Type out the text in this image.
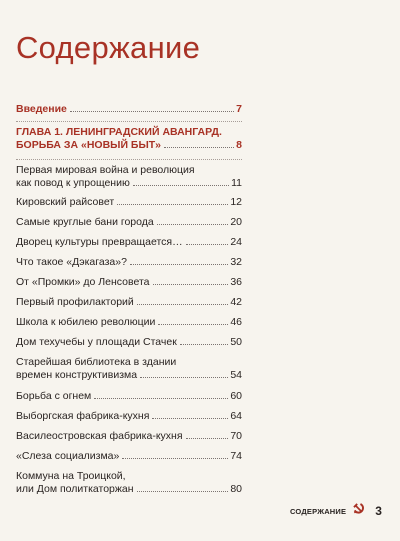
Содержание
СОДЕРЖАНИЕ 3
Введение	7
ГЛАВА 1. ЛЕНИНГРАДСКИЙ АВАНГАРД.
БОРЬБА ЗА «НОВЫЙ БЫТ»	8
Первая мировая война и революция
как повод к упрощению	11
Кировский райсовет	12
Самые круглые бани города	20
Дворец культуры превращается…	24
Что такое «Дэкагаза»?	32
От «Промки» до Ленсовета	36
Первый профилакторий	42
Школа к юбилею революции	46
Дом техучебы у площади Стачек	50
Старейшая библиотека в здании
времен конструктивизма	54
Борьба с огнем	60
Выборгская фабрика-кухня	64
Василеостровская фабрика-кухня	70
«Слеза социализма»	74
Коммуна на Троицкой,
или Дом политкаторжан	80
